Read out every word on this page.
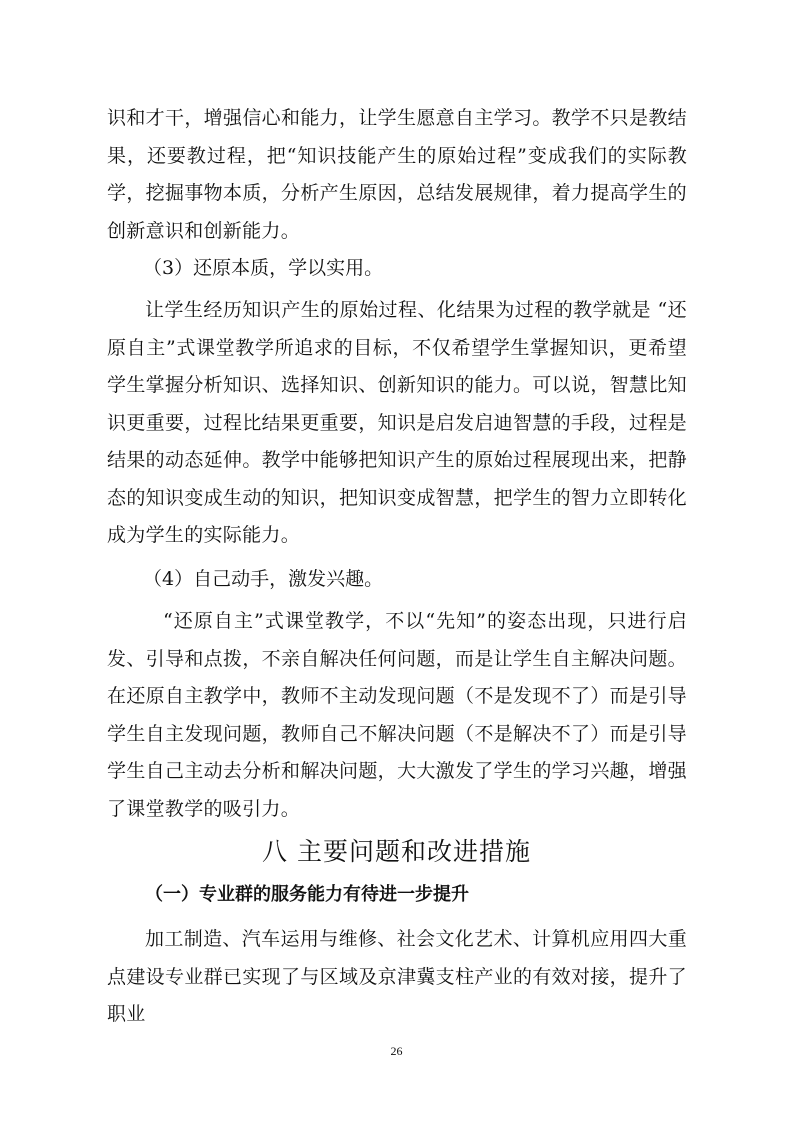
识和才干，增强信心和能力，让学生愿意自主学习。教学不只是教结果，还要教过程，把“知识技能产生的原始过程”变成我们的实际教学，挖掘事物本质，分析产生原因，总结发展规律，着力提高学生的创新意识和创新能力。

（3）还原本质，学以实用。

让学生经历知识产生的原始过程、化结果为过程的教学就是 “还原自主”式课堂教学所追求的目标，不仅希望学生掌握知识，更希望学生掌握分析知识、选择知识、创新知识的能力。可以说，智慧比知识更重要，过程比结果更重要，知识是启发启迪智慧的手段，过程是结果的动态延伸。教学中能够把知识产生的原始过程展现出来，把静态的知识变成生动的知识，把知识变成智慧，把学生的智力立即转化成为学生的实际能力。

（4）自己动手，激发兴趣。

“还原自主”式课堂教学，不以“先知”的姿态出现，只进行启发、引导和点拨，不亲自解决任何问题，而是让学生自主解决问题。在还原自主教学中，教师不主动发现问题（不是发现不了）而是引导学生自主发现问题，教师自己不解决问题（不是解决不了）而是引导学生自己主动去分析和解决问题，大大激发了学生的学习兴趣，增强了课堂教学的吸引力。

八 主要问题和改进措施
（一）专业群的服务能力有待进一步提升

加工制造、汽车运用与维修、社会文化艺术、计算机应用四大重点建设专业群已实现了与区域及京津冀支柱产业的有效对接，提升了职业

26
